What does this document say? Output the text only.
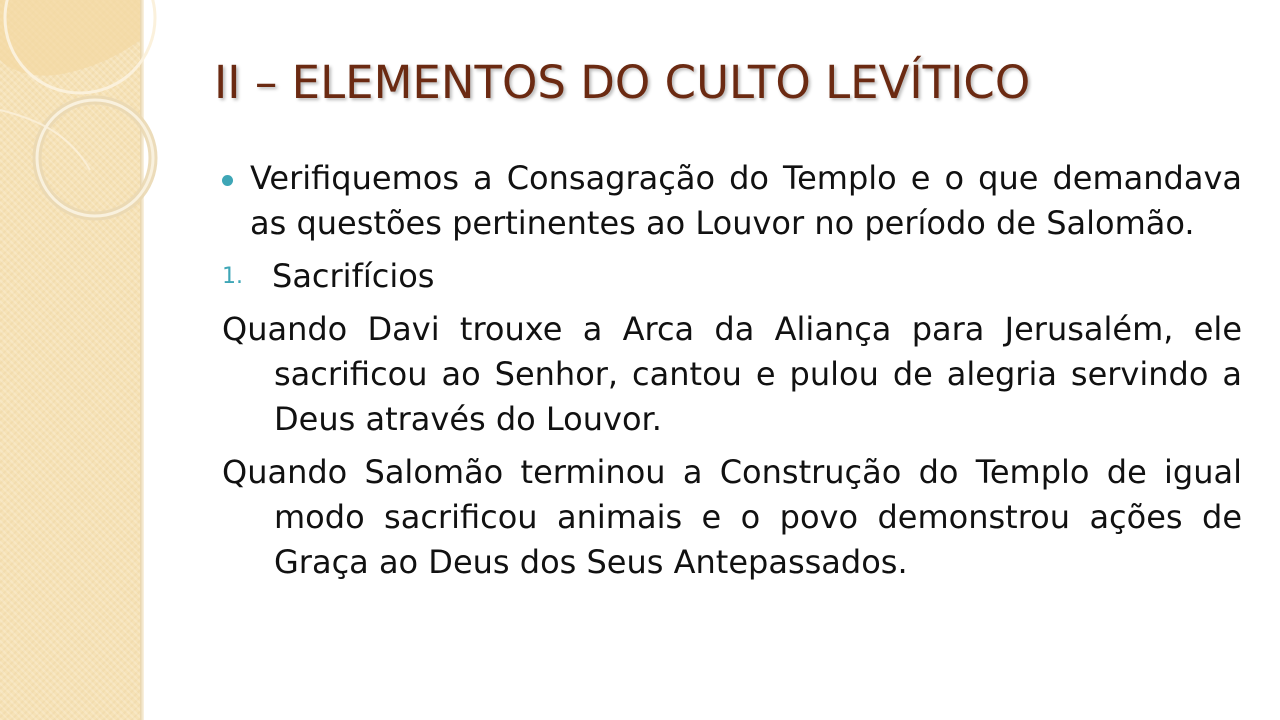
II – ELEMENTOS DO CULTO LEVÍTICO

Verifiquemos a Consagração do Templo e o que demandava as questões pertinentes ao Louvor no período de Salomão.

1. Sacrifícios

Quando Davi trouxe a Arca da Aliança para Jerusalém, ele sacrificou ao Senhor, cantou e pulou de alegria servindo a Deus através do Louvor.

Quando Salomão terminou a Construção do Templo de igual modo sacrificou animais e o povo demonstrou ações de Graça ao Deus dos Seus Antepassados.
